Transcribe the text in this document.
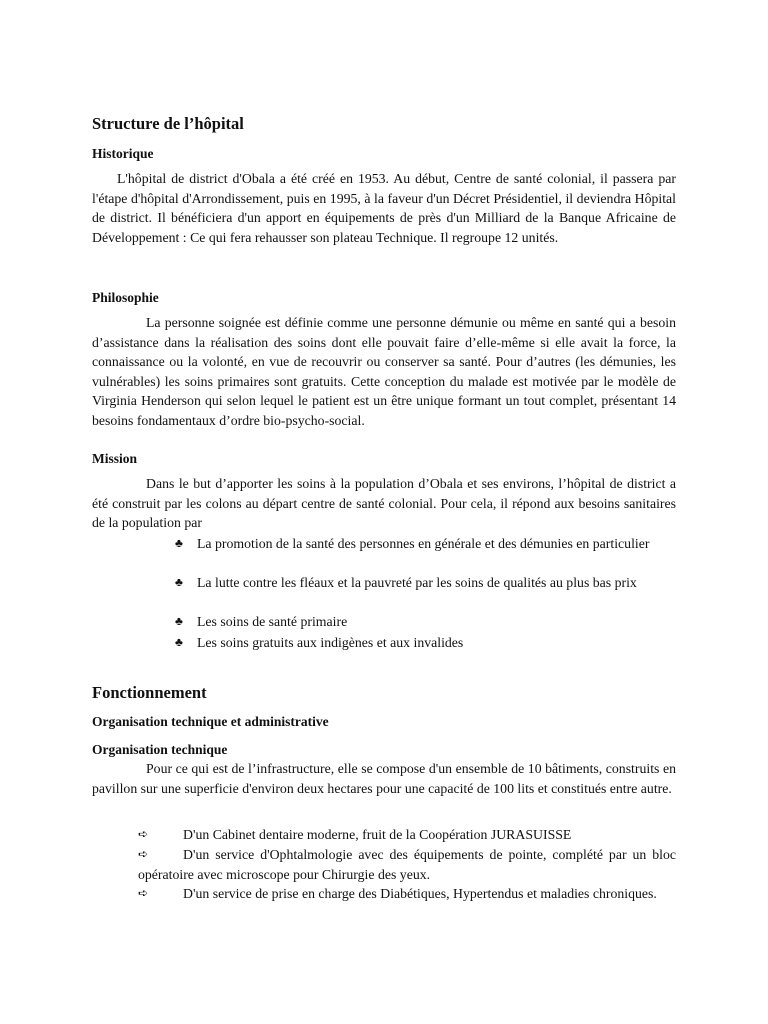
Structure de l’hôpital
Historique
L'hôpital de district d'Obala a été créé en 1953. Au début, Centre de santé colonial, il passera par l'étape d'hôpital d'Arrondissement, puis en 1995, à la faveur d'un Décret Présidentiel, il deviendra Hôpital de district. Il bénéficiera d'un apport en équipements de près d'un Milliard de la Banque Africaine de Développement : Ce qui fera rehausser son plateau Technique. Il regroupe 12 unités.
Philosophie
La personne soignée est définie comme une personne démunie ou même en santé qui a besoin d’assistance dans la réalisation des soins dont elle pouvait faire d’elle-même si elle avait la force, la connaissance ou la volonté, en vue de recouvrir ou conserver sa santé. Pour d’autres (les démunies, les vulnérables) les soins primaires sont gratuits. Cette conception du malade est motivée par le modèle de Virginia Henderson qui selon lequel le patient est un être unique formant un tout complet, présentant 14 besoins fondamentaux d’ordre bio-psycho-social.
Mission
Dans le but d’apporter les soins à la population d’Obala et ses environs, l’hôpital de district a été construit par les colons au départ centre de santé colonial. Pour cela, il répond aux besoins sanitaires de la population par
♣ La promotion de la santé des personnes en générale et des démunies en particulier
♣ La lutte contre les fléaux et la pauvreté par les soins de qualités au plus bas prix
♣ Les soins de santé primaire
♣ Les soins gratuits aux indigènes et aux invalides
Fonctionnement
Organisation technique et administrative
Organisation technique
Pour ce qui est de l’infrastructure, elle se compose d'un ensemble de 10 bâtiments, construits en pavillon sur une superficie d'environ deux hectares pour une capacité de 100 lits et constitués entre autre.
➪	D'un Cabinet dentaire moderne, fruit de la Coopération JURASUISSE
➪	D'un service d'Ophtalmologie avec des équipements de pointe, complété par un bloc opératoire avec microscope pour Chirurgie des yeux.
➪	D'un service de prise en charge des Diabétiques, Hypertendus et maladies chroniques.
